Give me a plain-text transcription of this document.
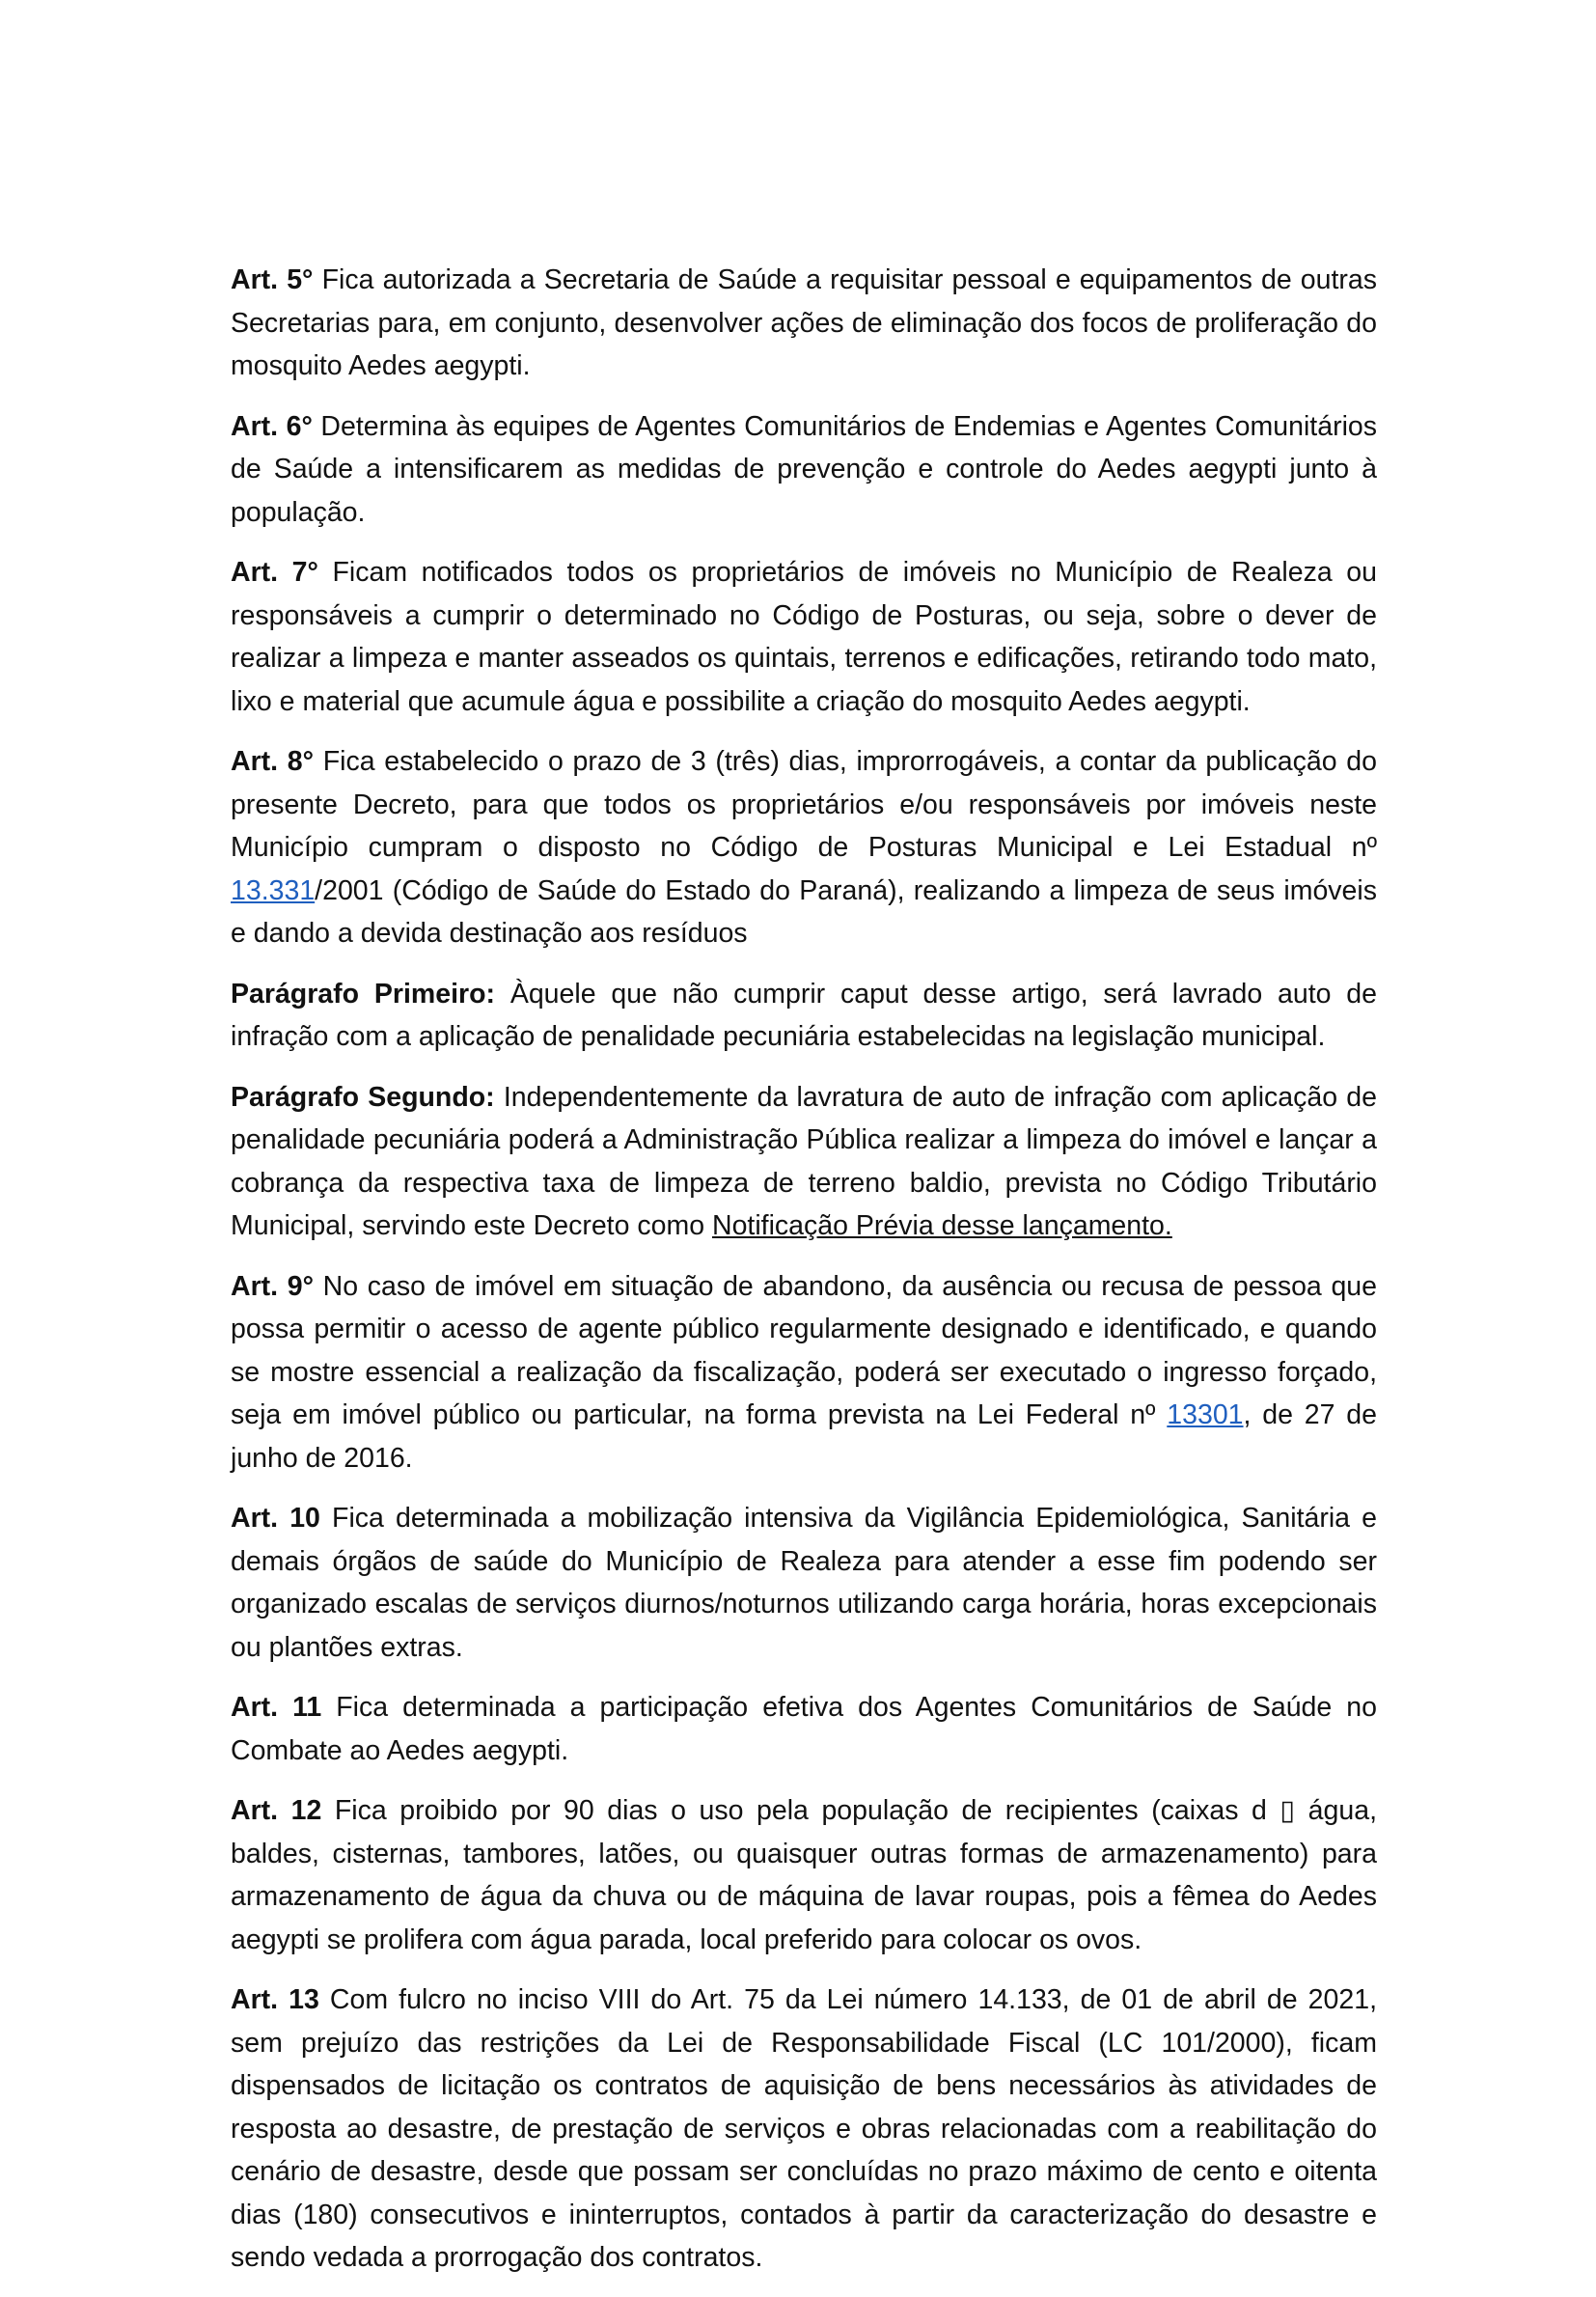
Art. 5° Fica autorizada a Secretaria de Saúde a requisitar pessoal e equipamentos de outras Secretarias para, em conjunto, desenvolver ações de eliminação dos focos de proliferação do mosquito Aedes aegypti.

Art. 6° Determina às equipes de Agentes Comunitários de Endemias e Agentes Comunitários de Saúde a intensificarem as medidas de prevenção e controle do Aedes aegypti junto à população.

Art. 7° Ficam notificados todos os proprietários de imóveis no Município de Realeza ou responsáveis a cumprir o determinado no Código de Posturas, ou seja, sobre o dever de realizar a limpeza e manter asseados os quintais, terrenos e edificações, retirando todo mato, lixo e material que acumule água e possibilite a criação do mosquito Aedes aegypti.

Art. 8° Fica estabelecido o prazo de 3 (três) dias, improrrogáveis, a contar da publicação do presente Decreto, para que todos os proprietários e/ou responsáveis por imóveis neste Município cumpram o disposto no Código de Posturas Municipal e Lei Estadual nº 13.331/2001 (Código de Saúde do Estado do Paraná), realizando a limpeza de seus imóveis e dando a devida destinação aos resíduos

Parágrafo Primeiro: Àquele que não cumprir caput desse artigo, será lavrado auto de infração com a aplicação de penalidade pecuniária estabelecidas na legislação municipal.

Parágrafo Segundo: Independentemente da lavratura de auto de infração com aplicação de penalidade pecuniária poderá a Administração Pública realizar a limpeza do imóvel e lançar a cobrança da respectiva taxa de limpeza de terreno baldio, prevista no Código Tributário Municipal, servindo este Decreto como Notificação Prévia desse lançamento.

Art. 9° No caso de imóvel em situação de abandono, da ausência ou recusa de pessoa que possa permitir o acesso de agente público regularmente designado e identificado, e quando se mostre essencial a realização da fiscalização, poderá ser executado o ingresso forçado, seja em imóvel público ou particular, na forma prevista na Lei Federal nº 13301, de 27 de junho de 2016.

Art. 10 Fica determinada a mobilização intensiva da Vigilância Epidemiológica, Sanitária e demais órgãos de saúde do Município de Realeza para atender a esse fim podendo ser organizado escalas de serviços diurnos/noturnos utilizando carga horária, horas excepcionais ou plantões extras.

Art. 11 Fica determinada a participação efetiva dos Agentes Comunitários de Saúde no Combate ao Aedes aegypti.

Art. 12 Fica proibido por 90 dias o uso pela população de recipientes (caixas d ▯ água, baldes, cisternas, tambores, latões, ou quaisquer outras formas de armazenamento) para armazenamento de água da chuva ou de máquina de lavar roupas, pois a fêmea do Aedes aegypti se prolifera com água parada, local preferido para colocar os ovos.

Art. 13 Com fulcro no inciso VIII do Art. 75 da Lei número 14.133, de 01 de abril de 2021, sem prejuízo das restrições da Lei de Responsabilidade Fiscal (LC 101/2000), ficam dispensados de licitação os contratos de aquisição de bens necessários às atividades de resposta ao desastre, de prestação de serviços e obras relacionadas com a reabilitação do cenário de desastre, desde que possam ser concluídas no prazo máximo de cento e oitenta dias (180) consecutivos e ininterruptos, contados à partir da caracterização do desastre e sendo vedada a prorrogação dos contratos.
